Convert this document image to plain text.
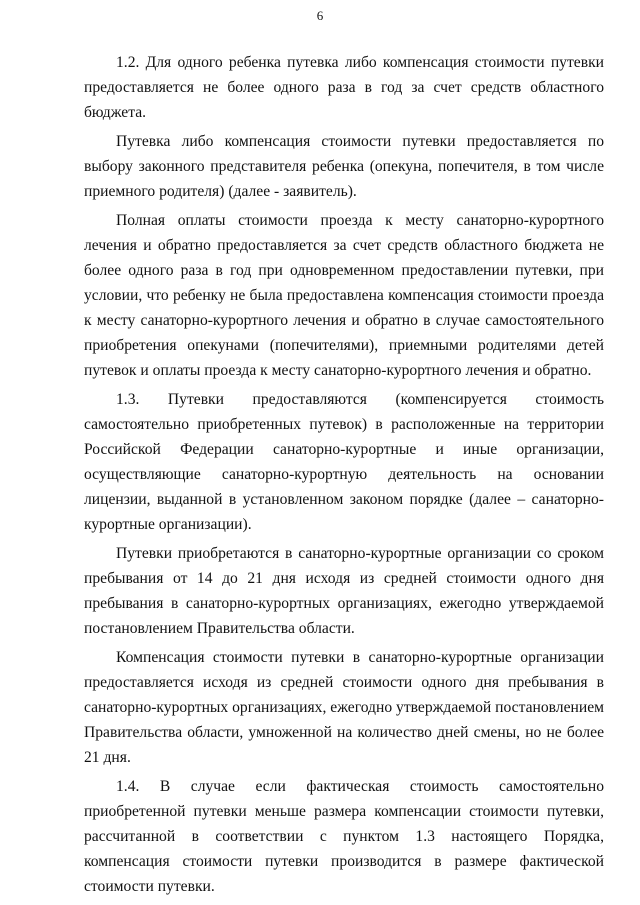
6

1.2. Для одного ребенка путевка либо компенсация стоимости путевки предоставляется не более одного раза в год за счет средств областного бюджета.

Путевка либо компенсация стоимости путевки предоставляется по выбору законного представителя ребенка (опекуна, попечителя, в том числе приемного родителя) (далее - заявитель).

Полная оплаты стоимости проезда к месту санаторно-курортного лечения и обратно предоставляется за счет средств областного бюджета не более одного раза в год при одновременном предоставлении путевки, при условии, что ребенку не была предоставлена компенсация стоимости проезда к месту санаторно-курортного лечения и обратно в случае самостоятельного приобретения опекунами (попечителями), приемными родителями детей путевок и оплаты проезда к месту санаторно-курортного лечения и обратно.

1.3. Путевки предоставляются (компенсируется стоимость самостоятельно приобретенных путевок) в расположенные на территории Российской Федерации санаторно-курортные и иные организации, осуществляющие санаторно-курортную деятельность на основании лицензии, выданной в установленном законом порядке (далее – санаторно-курортные организации).

Путевки приобретаются в санаторно-курортные организации со сроком пребывания от 14 до 21 дня исходя из средней стоимости одного дня пребывания в санаторно-курортных организациях, ежегодно утверждаемой постановлением Правительства области.

Компенсация стоимости путевки в санаторно-курортные организации предоставляется исходя из средней стоимости одного дня пребывания в санаторно-курортных организациях, ежегодно утверждаемой постановлением Правительства области, умноженной на количество дней смены, но не более 21 дня.

1.4. В случае если фактическая стоимость самостоятельно приобретенной путевки меньше размера компенсации стоимости путевки, рассчитанной в соответствии с пунктом 1.3 настоящего Порядка, компенсация стоимости путевки производится в размере фактической стоимости путевки.
